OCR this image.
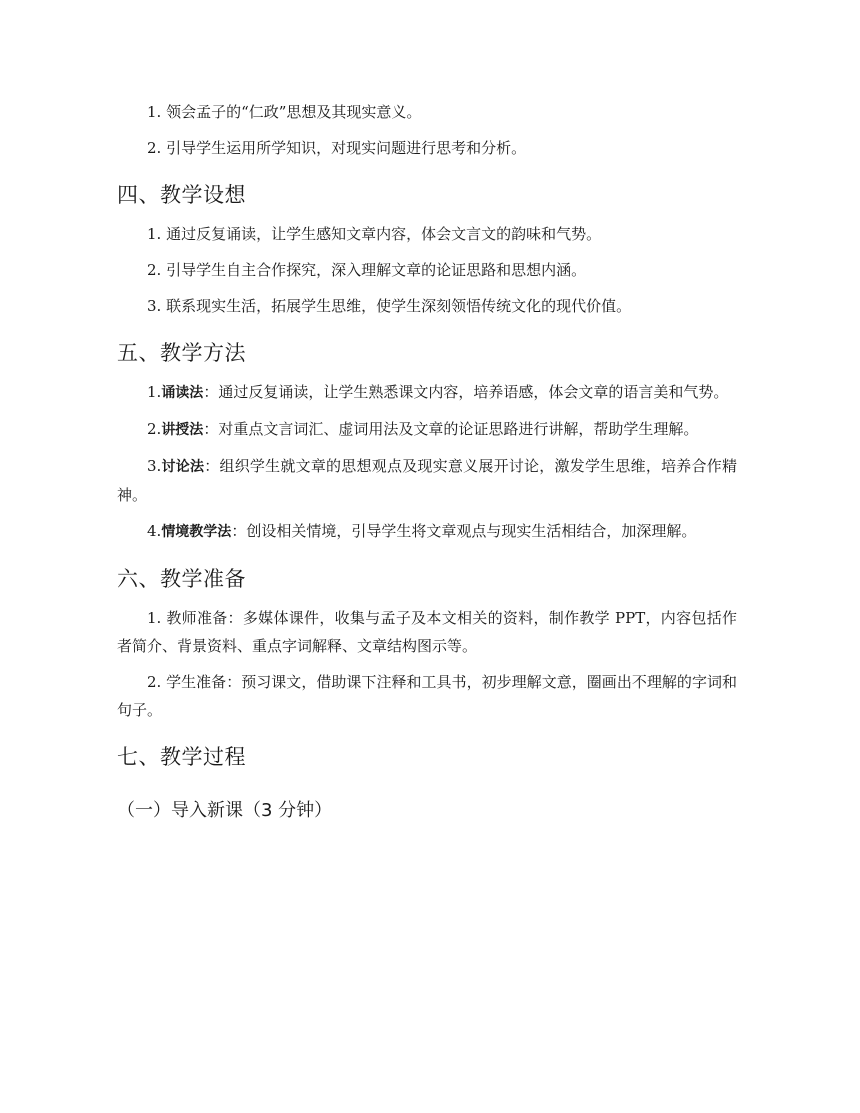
1. 领会孟子的“仁政”思想及其现实意义。

2. 引导学生运用所学知识，对现实问题进行思考和分析。

四、教学设想

1. 通过反复诵读，让学生感知文章内容，体会文言文的韵味和气势。

2. 引导学生自主合作探究，深入理解文章的论证思路和思想内涵。

3. 联系现实生活，拓展学生思维，使学生深刻领悟传统文化的现代价值。

五、教学方法

1.诵读法：通过反复诵读，让学生熟悉课文内容，培养语感，体会文章的语言美和气势。

2.讲授法：对重点文言词汇、虚词用法及文章的论证思路进行讲解，帮助学生理解。

3.讨论法：组织学生就文章的思想观点及现实意义展开讨论，激发学生思维，培养合作精神。

4.情境教学法：创设相关情境，引导学生将文章观点与现实生活相结合，加深理解。

六、教学准备

1. 教师准备：多媒体课件，收集与孟子及本文相关的资料，制作教学 PPT，内容包括作者简介、背景资料、重点字词解释、文章结构图示等。

2. 学生准备：预习课文，借助课下注释和工具书，初步理解文意，圈画出不理解的字词和句子。

七、教学过程
（一）导入新课（3 分钟）
